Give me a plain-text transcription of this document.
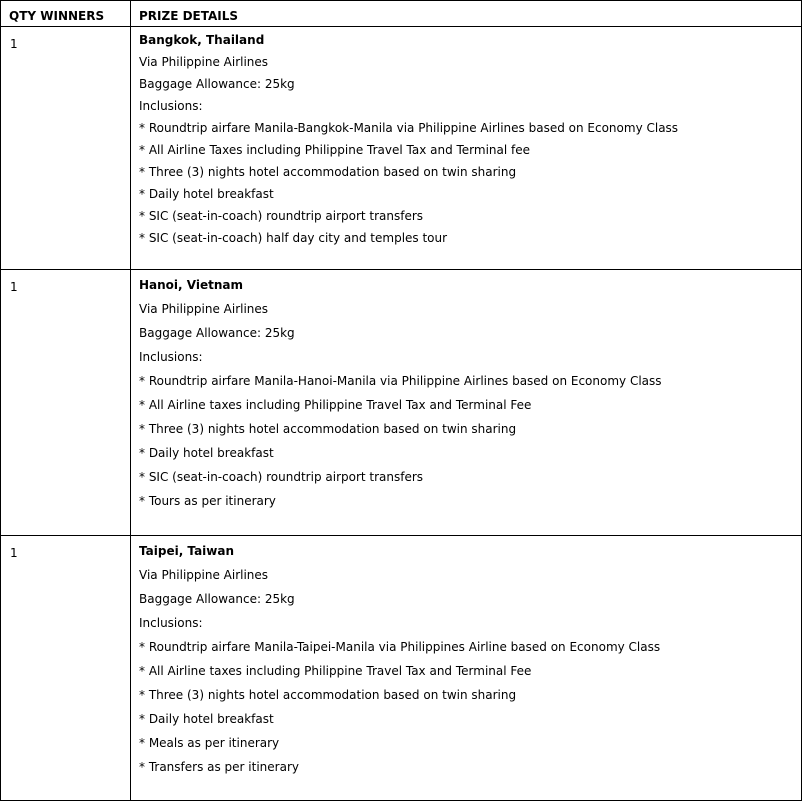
QTY WINNERS	PRIZE DETAILS
1	Bangkok, Thailand
Via Philippine Airlines
Baggage Allowance: 25kg
Inclusions:
* Roundtrip airfare Manila-Bangkok-Manila via Philippine Airlines based on Economy Class
* All Airline Taxes including Philippine Travel Tax and Terminal fee
* Three (3) nights hotel accommodation based on twin sharing
* Daily hotel breakfast
* SIC (seat-in-coach) roundtrip airport transfers
* SIC (seat-in-coach) half day city and temples tour
1	Hanoi, Vietnam
Via Philippine Airlines
Baggage Allowance: 25kg
Inclusions:
* Roundtrip airfare Manila-Hanoi-Manila via Philippine Airlines based on Economy Class
* All Airline taxes including Philippine Travel Tax and Terminal Fee
* Three (3) nights hotel accommodation based on twin sharing
* Daily hotel breakfast
* SIC (seat-in-coach) roundtrip airport transfers
* Tours as per itinerary
1	Taipei, Taiwan
Via Philippine Airlines
Baggage Allowance: 25kg
Inclusions:
* Roundtrip airfare Manila-Taipei-Manila via Philippines Airline based on Economy Class
* All Airline taxes including Philippine Travel Tax and Terminal Fee
* Three (3) nights hotel accommodation based on twin sharing
* Daily hotel breakfast
* Meals as per itinerary
* Transfers as per itinerary
